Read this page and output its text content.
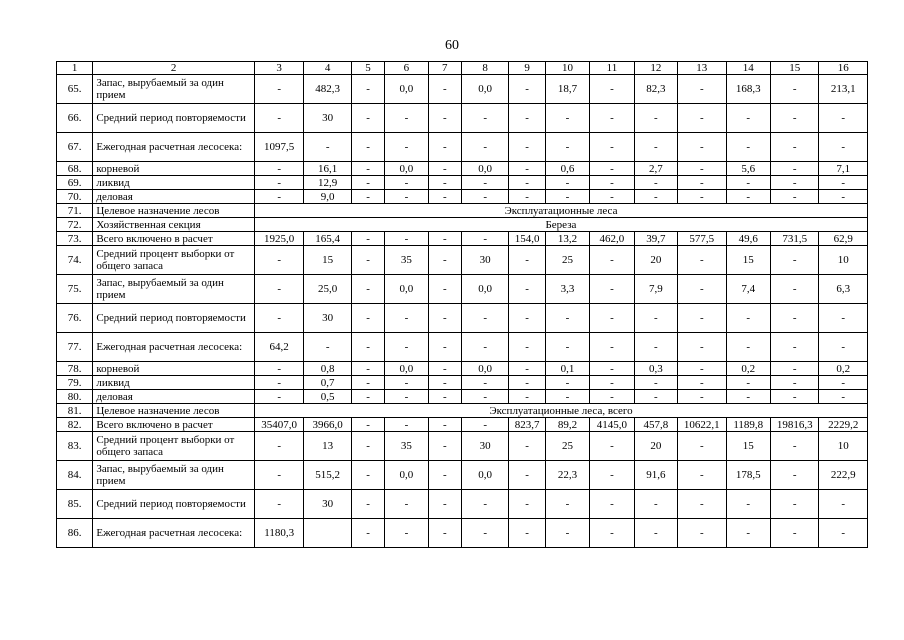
60
1	2	3	4	5	6	7	8	9	10	11	12	13	14	15	16
65.	Запас, вырубаемый за один прием	-	482,3	-	0,0	-	0,0	-	18,7	-	82,3	-	168,3	-	213,1
66.	Средний период повторяемости	-	30	-	-	-	-	-	-	-	-	-	-	-	-
67.	Ежегодная расчетная лесосека:	1097,5	-	-	-	-	-	-	-	-	-	-	-	-	-
68.	корневой	-	16,1	-	0,0	-	0,0	-	0,6	-	2,7	-	5,6	-	7,1
69.	ликвид	-	12,9	-	-	-	-	-	-	-	-	-	-	-	-
70.	деловая	-	9,0	-	-	-	-	-	-	-	-	-	-	-	-
71.	Целевое назначение лесов	Эксплуатационные леса													
72.	Хозяйственная секция	Береза													
73.	Всего включено в расчет	1925,0	165,4	-	-	-	-	154,0	13,2	462,0	39,7	577,5	49,6	731,5	62,9
74.	Средний процент выборки от общего запаса	-	15	-	35	-	30	-	25	-	20	-	15	-	10
75.	Запас, вырубаемый за один прием	-	25,0	-	0,0	-	0,0	-	3,3	-	7,9	-	7,4	-	6,3
76.	Средний период повторяемости	-	30	-	-	-	-	-	-	-	-	-	-	-	-
77.	Ежегодная расчетная лесосека:	64,2	-	-	-	-	-	-	-	-	-	-	-	-	-
78.	корневой	-	0,8	-	0,0	-	0,0	-	0,1	-	0,3	-	0,2	-	0,2
79.	ликвид	-	0,7	-	-	-	-	-	-	-	-	-	-	-	-
80.	деловая	-	0,5	-	-	-	-	-	-	-	-	-	-	-	-
81.	Целевое назначение лесов	Эксплуатационные леса, всего													
82.	Всего включено в расчет	35407,0	3966,0	-	-	-	-	823,7	89,2	4145,0	457,8	10622,1	1189,8	19816,3	2229,2
83.	Средний процент выборки от общего запаса	-	13	-	35	-	30	-	25	-	20	-	15	-	10
84.	Запас, вырубаемый за один прием	-	515,2	-	0,0	-	0,0	-	22,3	-	91,6	-	178,5	-	222,9
85.	Средний период повторяемости	-	30	-	-	-	-	-	-	-	-	-	-	-	-
86.	Ежегодная расчетная лесосека:	1180,3		-	-	-	-	-	-	-	-	-	-	-	-
